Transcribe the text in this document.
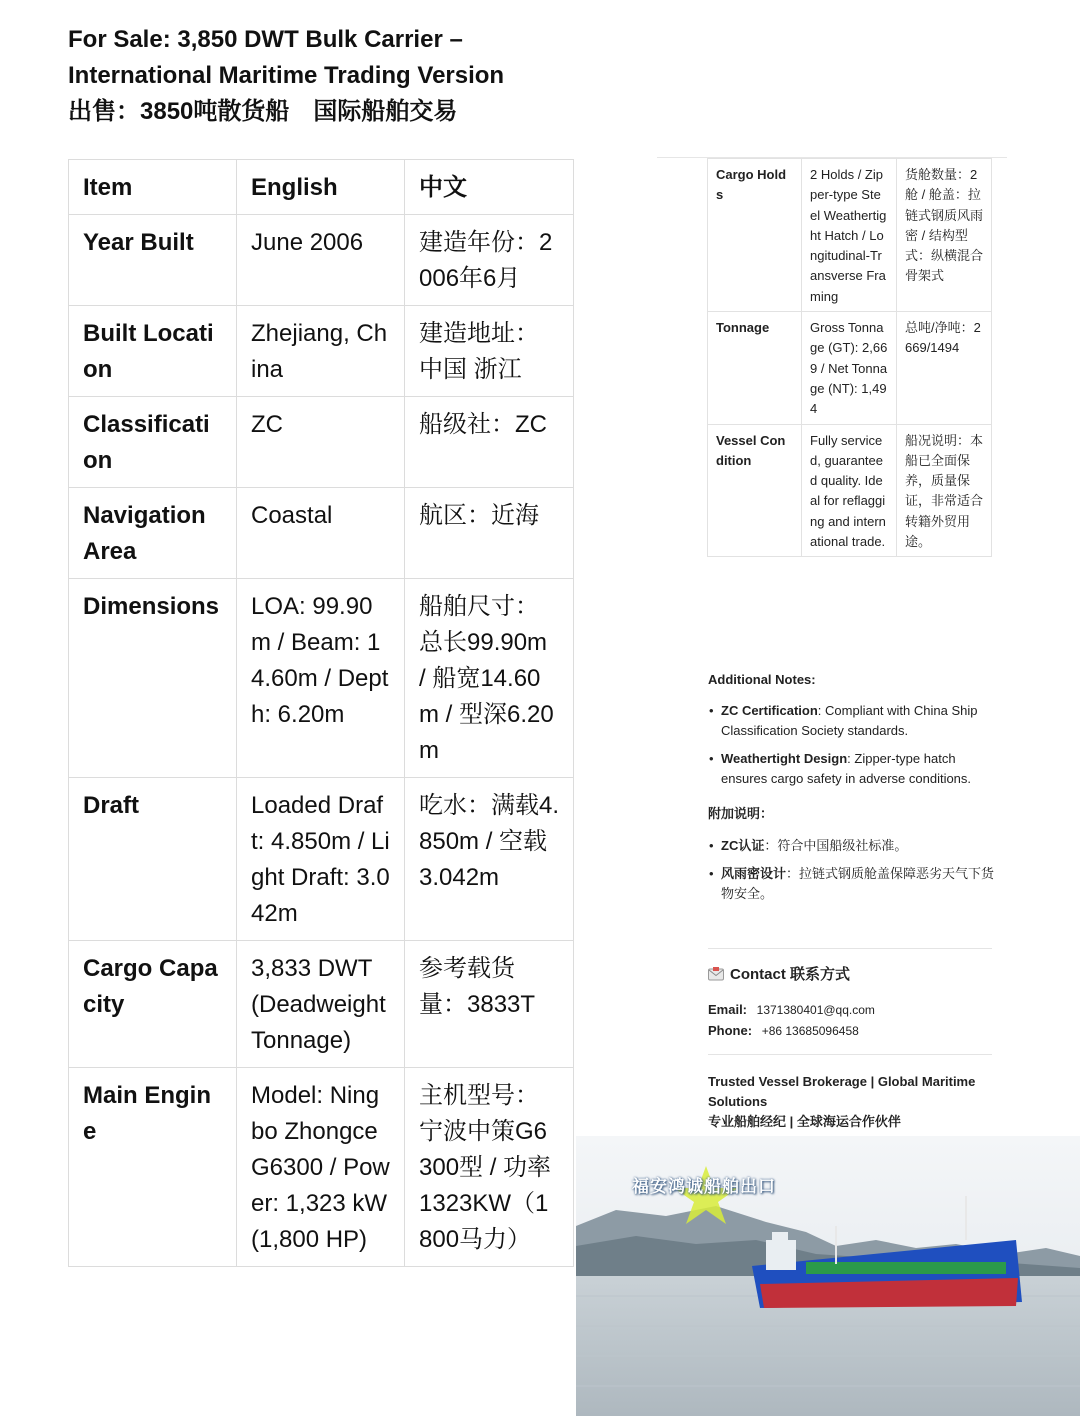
For Sale: 3,850 DWT Bulk Carrier –
International Maritime Trading Version
出售：3850吨散货船　国际船舶交易
Item	English	中文
Year Built	June 2006	建造年份：2006年6月
Built Location	Zhejiang, China	建造地址：中国 浙江
Classification	ZC	船级社：ZC
Navigation Area	Coastal	航区：近海
Dimensions	LOA: 99.90m / Beam: 14.60m / Depth: 6.20m	船舶尺寸：总长99.90m / 船宽14.60m / 型深6.20m
Draft	Loaded Draft: 4.850m / Light Draft: 3.042m	吃水：满载4.850m / 空载3.042m
Cargo Capacity	3,833 DWT (Deadweight Tonnage)	参考载货量：3833T
Main Engine	Model: Ningbo Zhongce G6300 / Power: 1,323 kW (1,800 HP)	主机型号：宁波中策G6300型 / 功率1323KW（1800马力）
Cargo Holds	2 Holds / Zipper-type Steel Weathertight Hatch / Longitudinal-Transverse Framing	货舱数量：2舱 / 舱盖：拉链式钢质风雨密 / 结构型式：纵横混合骨架式
Tonnage	Gross Tonnage (GT): 2,669 / Net Tonnage (NT): 1,494	总吨/净吨：2669/1494
Vessel Condition	Fully serviced, guaranteed quality. Ideal for reflagging and international trade.	船况说明：本船已全面保养，质量保证，非常适合转籍外贸用途。
Additional Notes:
• ZC Certification: Compliant with China Ship Classification Society standards.
• Weathertight Design: Zipper-type hatch ensures cargo safety in adverse conditions.
附加说明：
• ZC认证：符合中国船级社标准。
• 风雨密设计：拉链式钢质舱盖保障恶劣天气下货物安全。
Contact 联系方式
Email: 1371380401@qq.com
Phone: +86 13685096458
Trusted Vessel Brokerage | Global Maritime Solutions
专业船舶经纪 | 全球海运合作伙伴
福安鸿诚船舶出口
